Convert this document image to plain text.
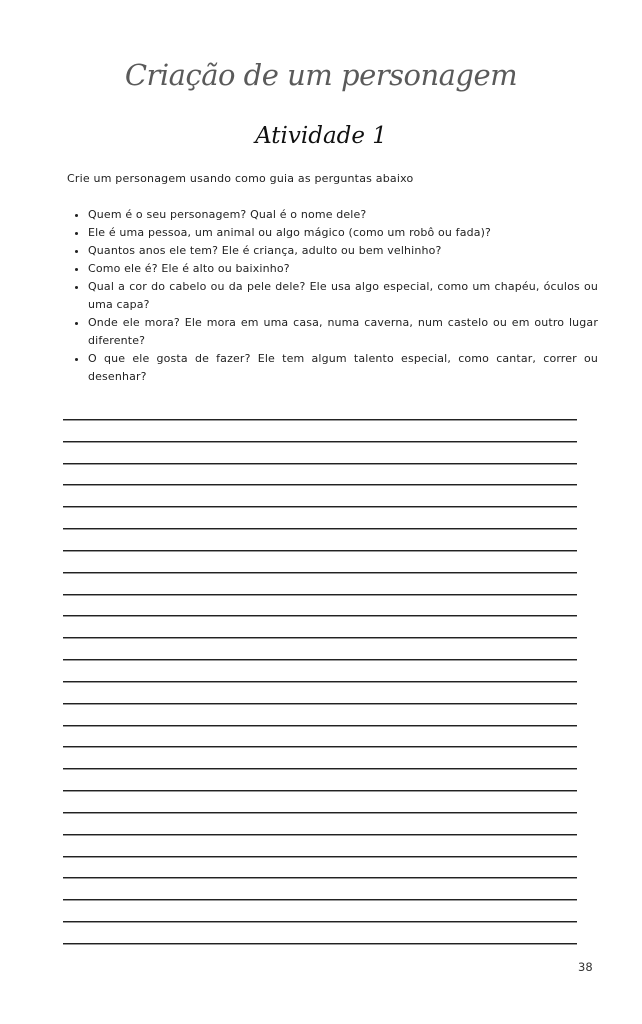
Criação de um personagem
Atividade 1
Crie um personagem usando como guia as perguntas abaixo
• Quem é o seu personagem? Qual é o nome dele?
• Ele é uma pessoa, um animal ou algo mágico (como um robô ou fada)?
• Quantos anos ele tem? Ele é criança, adulto ou bem velhinho?
• Como ele é? Ele é alto ou baixinho?
• Qual a cor do cabelo ou da pele dele? Ele usa algo especial, como um chapéu, óculos ou uma capa?
• Onde ele mora? Ele mora em uma casa, numa caverna, num castelo ou em outro lugar diferente?
• O que ele gosta de fazer? Ele tem algum talento especial, como cantar, correr ou desenhar?
38
